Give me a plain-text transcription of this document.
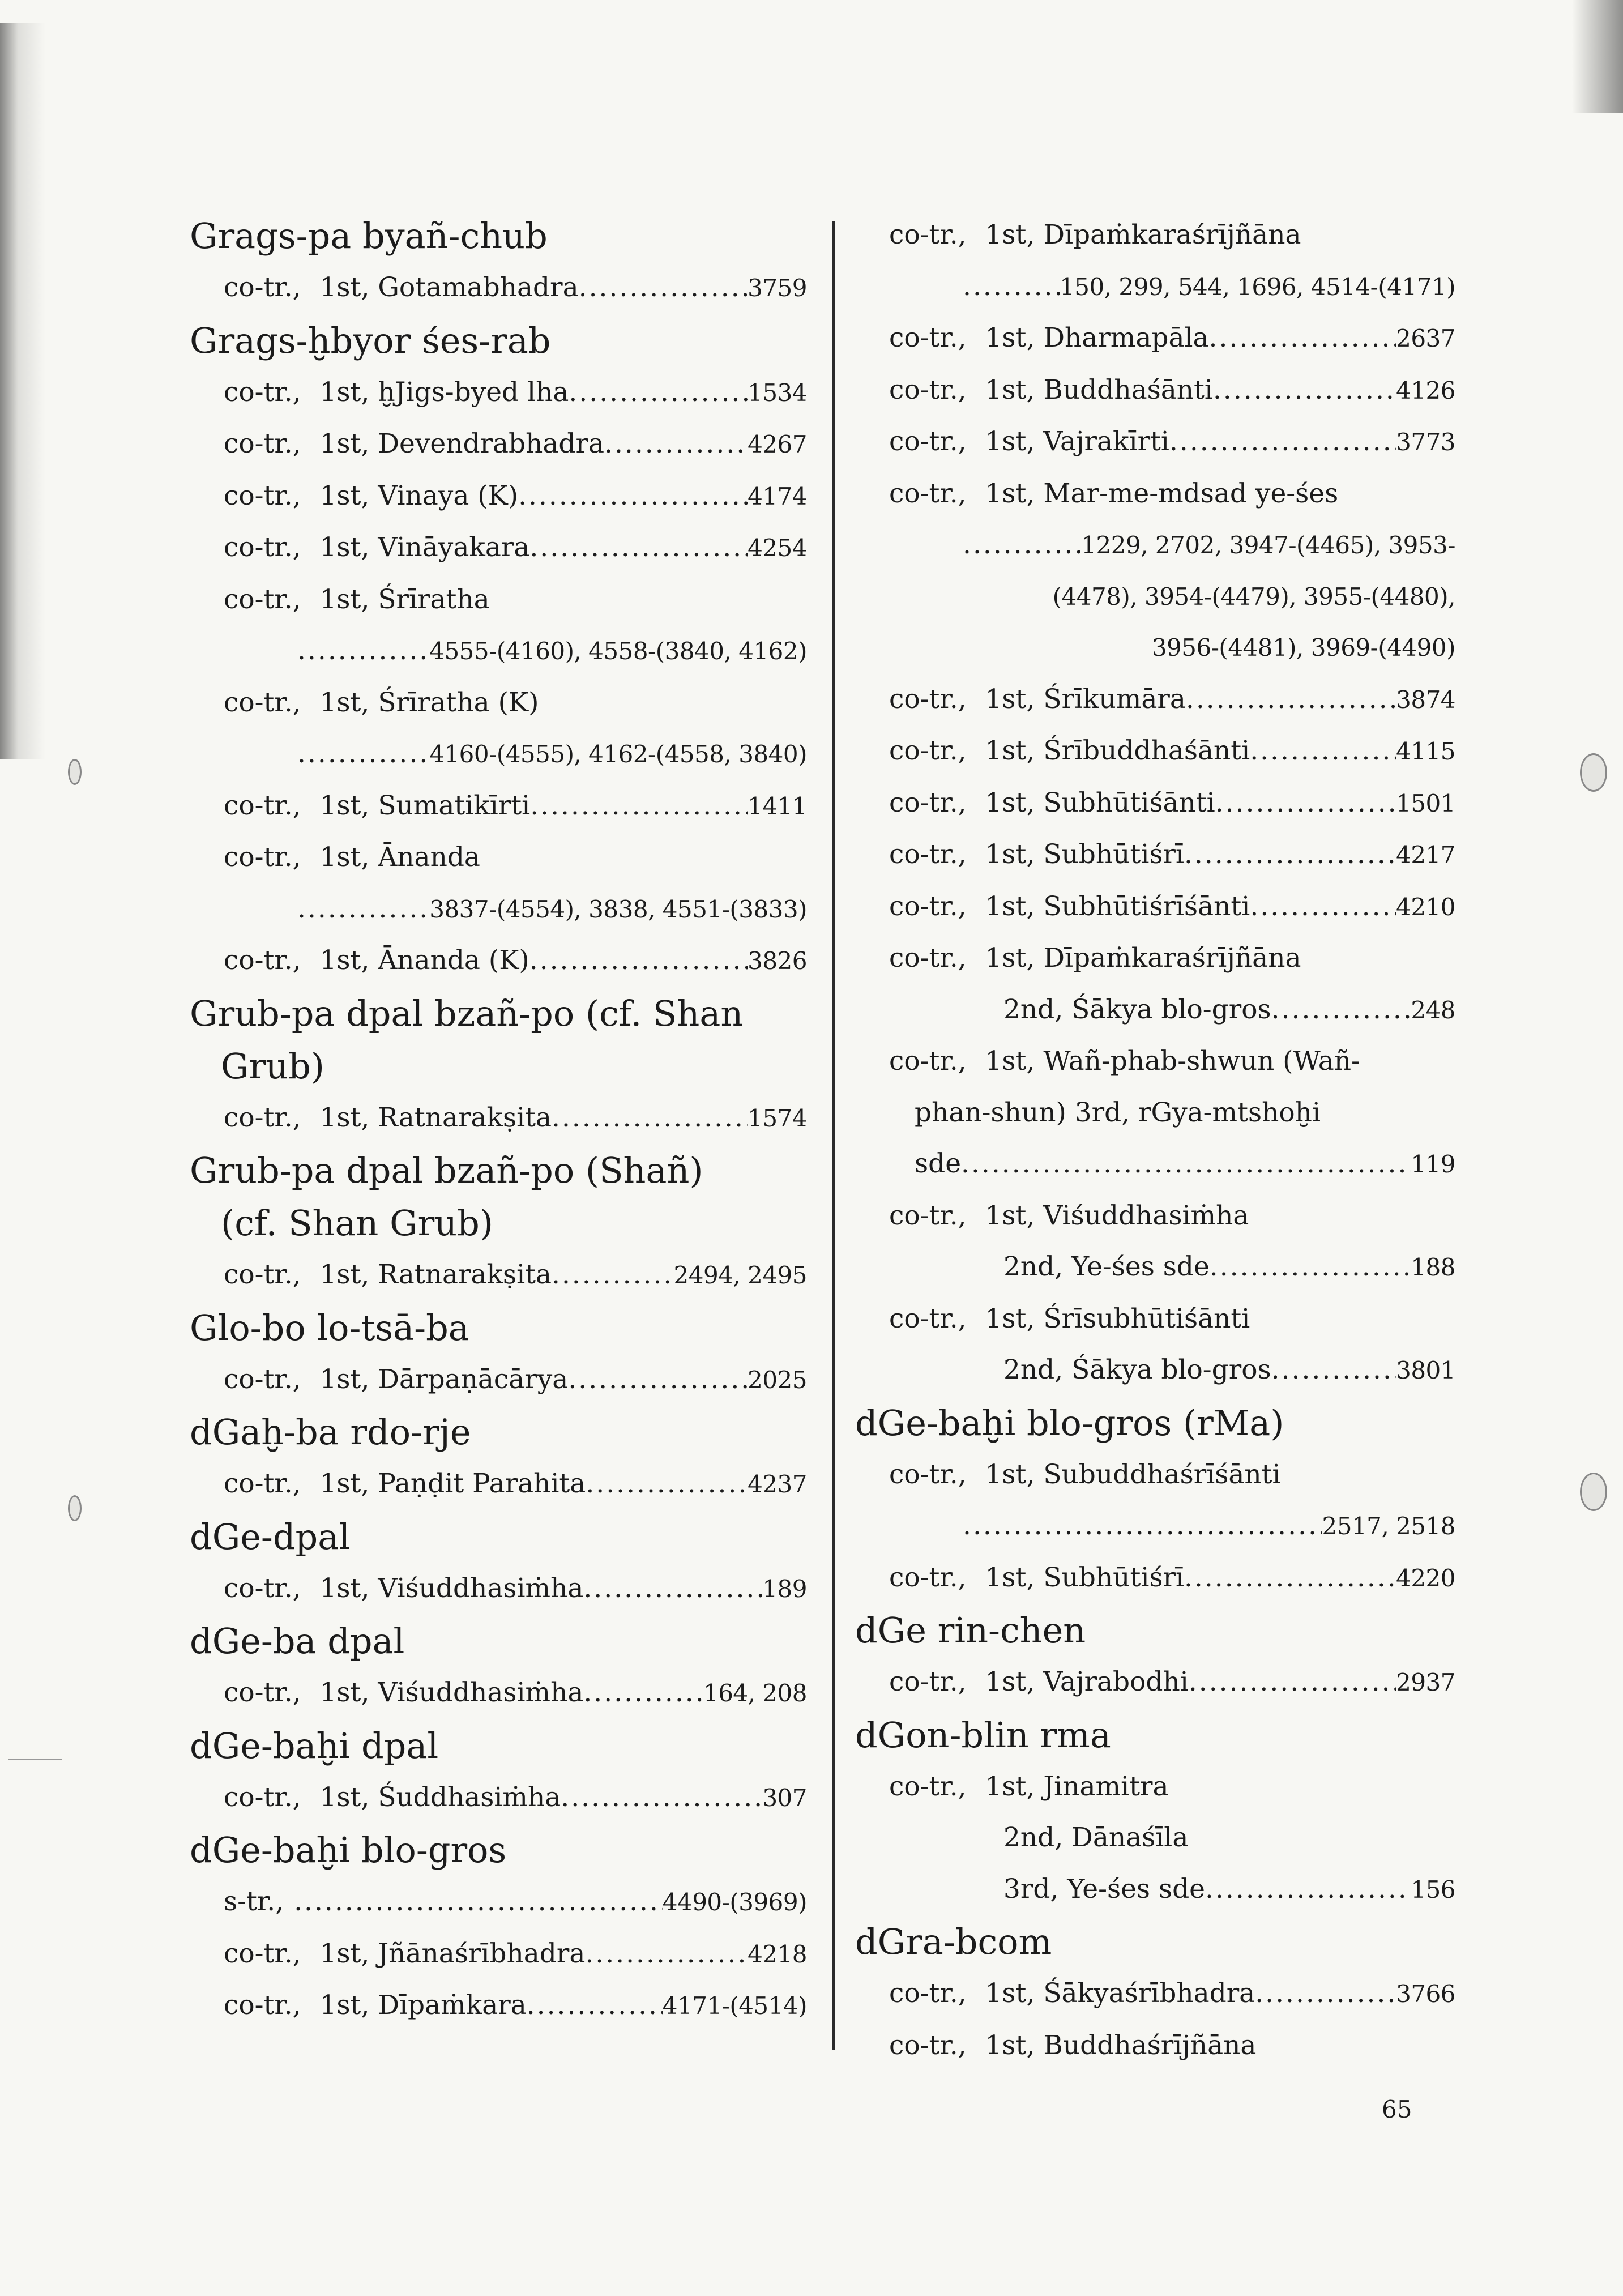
Grags-pa byañ-chub
co-tr., 1st, Gotamabhadra .....	3759
Grags-ḫbyor śes-rab
co-tr., 1st, ḫJigs-byed lha .....	1534
co-tr., 1st, Devendrabhadra .....	4267
co-tr., 1st, Vinaya (K) .....	4174
co-tr., 1st, Vināyakara .....	4254
co-tr., 1st, Śrīratha
.....
4555-(4160), 4558-(3840, 4162)
co-tr., 1st, Śrīratha (K)
.....
4160-(4555), 4162-(4558, 3840)
co-tr., 1st, Sumatikīrti .....	1411
co-tr., 1st, Ānanda
.....
3837-(4554), 3838, 4551-(3833)
co-tr., 1st, Ānanda (K) .....	3826
Grub-pa dpal bzañ-po (cf. Shan
Grub)
co-tr., 1st, Ratnarakṣita .....	1574
Grub-pa dpal bzañ-po (Shañ)
(cf. Shan Grub)
co-tr., 1st, Ratnarakṣita .....	2494, 2495
Glo-bo lo-tsā-ba
co-tr., 1st, Dārpaṇācārya .....	2025
dGaḫ-ba rdo-rje
co-tr., 1st, Paṇḍit Parahita .....	4237
dGe-dpal
co-tr., 1st, Viśuddhasiṁha .....	189
dGe-ba dpal
co-tr., 1st, Viśuddhasiṁha .....	164, 208
dGe-baḫi dpal
co-tr., 1st, Śuddhasiṁha .....	307
dGe-baḫi blo-gros
s-tr., .....	4490-(3969)
co-tr., 1st, Jñānaśrībhadra .....	4218
co-tr., 1st, Dīpaṁkara .....	4171-(4514)
co-tr., 1st, Dīpaṁkaraśrījñāna
.....
150, 299, 544, 1696, 4514-(4171)
co-tr., 1st, Dharmapāla .....	2637
co-tr., 1st, Buddhaśānti .....	4126
co-tr., 1st, Vajrakīrti .....	3773
co-tr., 1st, Mar-me-mdsad ye-śes
.....
1229, 2702, 3947-(4465), 3953-
(4478), 3954-(4479), 3955-(4480),
3956-(4481), 3969-(4490)
co-tr., 1st, Śrīkumāra .....	3874
co-tr., 1st, Śrībuddhaśānti .....	4115
co-tr., 1st, Subhūtiśānti .....	1501
co-tr., 1st, Subhūtiśrī .....	4217
co-tr., 1st, Subhūtiśrīśānti .....	4210
co-tr., 1st, Dīpaṁkaraśrījñāna
2nd, Śākya blo-gros .....	248
co-tr., 1st, Wañ-phab-shwun (Wañ-
phan-shun) 3rd, rGya-mtshoḫi
sde .....	119
co-tr., 1st, Viśuddhasiṁha
2nd, Ye-śes sde .....	188
co-tr., 1st, Śrīsubhūtiśānti
2nd, Śākya blo-gros .....	3801
dGe-baḫi blo-gros (rMa)
co-tr., 1st, Subuddhaśrīśānti
.....
2517, 2518
co-tr., 1st, Subhūtiśrī .....	4220
dGe rin-chen
co-tr., 1st, Vajrabodhi .....	2937
dGon-blin rma
co-tr., 1st, Jinamitra
2nd, Dānaśīla
3rd, Ye-śes sde .....	156
dGra-bcom
co-tr., 1st, Śākyaśrībhadra .....	3766
co-tr., 1st, Buddhaśrījñāna
65
